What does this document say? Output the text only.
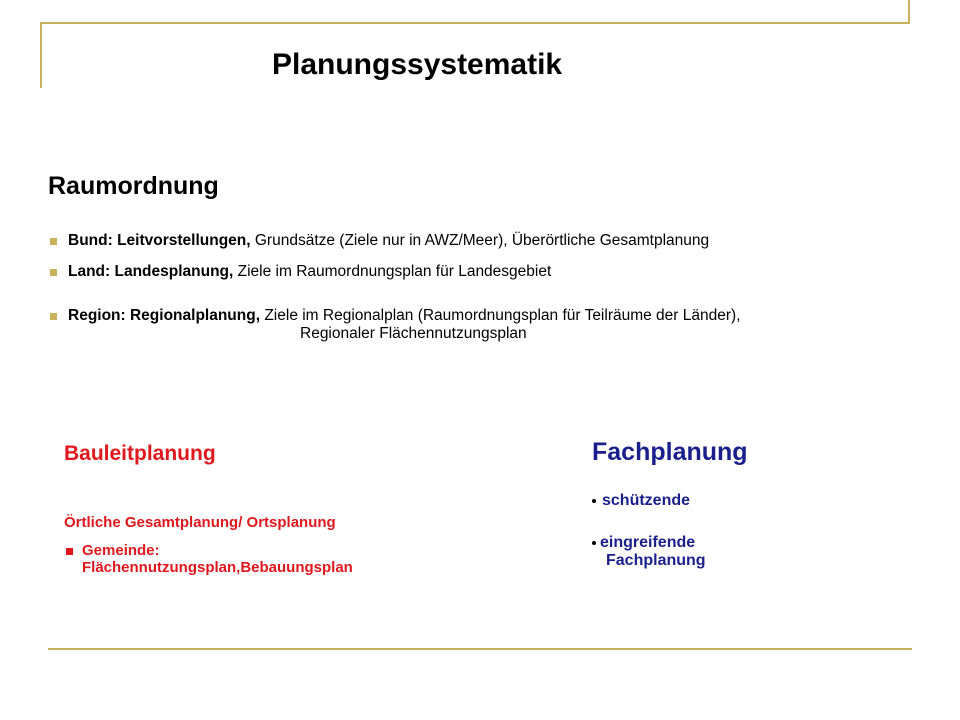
Planungssystematik
Raumordnung
Bund: Leitvorstellungen, Grundsätze (Ziele nur in AWZ/Meer), Überörtliche Gesamtplanung
Land: Landesplanung, Ziele im Raumordnungsplan für Landesgebiet
Region: Regionalplanung, Ziele im Regionalplan (Raumordnungsplan für Teilräume der Länder),
Regionaler Flächennutzungsplan
Bauleitplanung
Örtliche Gesamtplanung/ Ortsplanung
Gemeinde:
Flächennutzungsplan,Bebauungsplan
Fachplanung
schützende
eingreifende
Fachplanung
